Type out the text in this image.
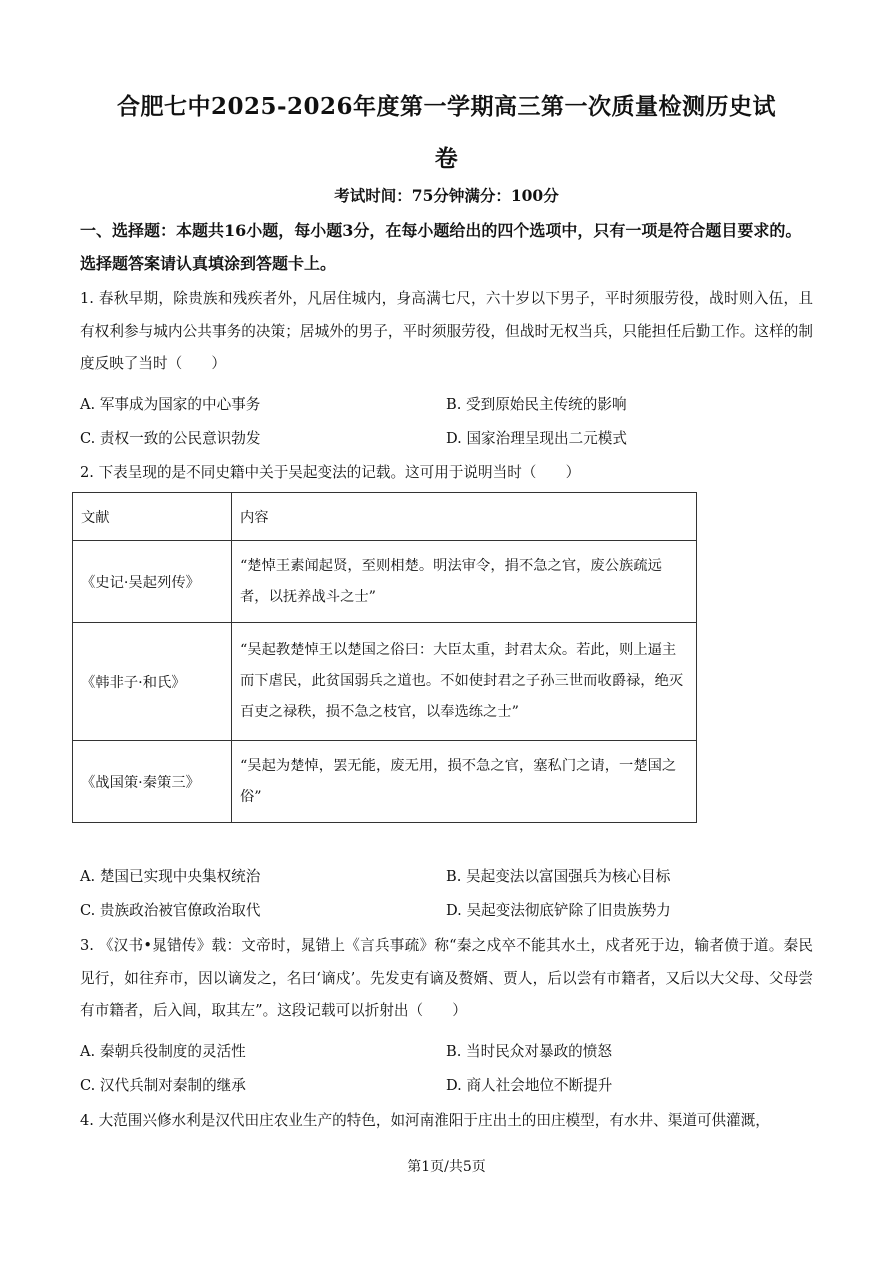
合肥七中2025-2026年度第一学期高三第一次质量检测历史试
卷
考试时间：75分钟满分：100分
一、选择题：本题共16小题，每小题3分，在每小题给出的四个选项中，只有一项是符合题目要求的。选择题答案请认真填涂到答题卡上。
1. 春秋早期，除贵族和残疾者外，凡居住城内，身高满七尺，六十岁以下男子，平时须服劳役，战时则入伍，且有权利参与城内公共事务的决策；居城外的男子，平时须服劳役，但战时无权当兵，只能担任后勤工作。这样的制度反映了当时（　　）
A. 军事成为国家的中心事务	B. 受到原始民主传统的影响
C. 责权一致的公民意识勃发	D. 国家治理呈现出二元模式
2. 下表呈现的是不同史籍中关于吴起变法的记载。这可用于说明当时（　　）
文献	内容
《史记·吴起列传》	“楚悼王素闻起贤，至则相楚。明法审令，捐不急之官，废公族疏远者，以抚养战斗之士”
《韩非子·和氏》	“吴起教楚悼王以楚国之俗曰：大臣太重，封君太众。若此，则上逼主而下虐民，此贫国弱兵之道也。不如使封君之子孙三世而收爵禄，绝灭百吏之禄秩，损不急之枝官，以奉选练之士”
《战国策·秦策三》	“吴起为楚悼，罢无能，废无用，损不急之官，塞私门之请，一楚国之俗”
A. 楚国已实现中央集权统治	B. 吴起变法以富国强兵为核心目标
C. 贵族政治被官僚政治取代	D. 吴起变法彻底铲除了旧贵族势力
3. 《汉书•晁错传》载：文帝时，晁错上《言兵事疏》称“秦之戍卒不能其水土，戍者死于边，输者偾于道。秦民见行，如往弃市，因以谪发之，名曰‘谪戍’。先发吏有谪及赘婿、贾人，后以尝有市籍者，又后以大父母、父母尝有市籍者，后入闾，取其左”。这段记载可以折射出（　　）
A. 秦朝兵役制度的灵活性	B. 当时民众对暴政的愤怒
C. 汉代兵制对秦制的继承	D. 商人社会地位不断提升
4. 大范围兴修水利是汉代田庄农业生产的特色，如河南淮阳于庄出土的田庄模型，有水井、渠道可供灌溉，
第1页/共5页
